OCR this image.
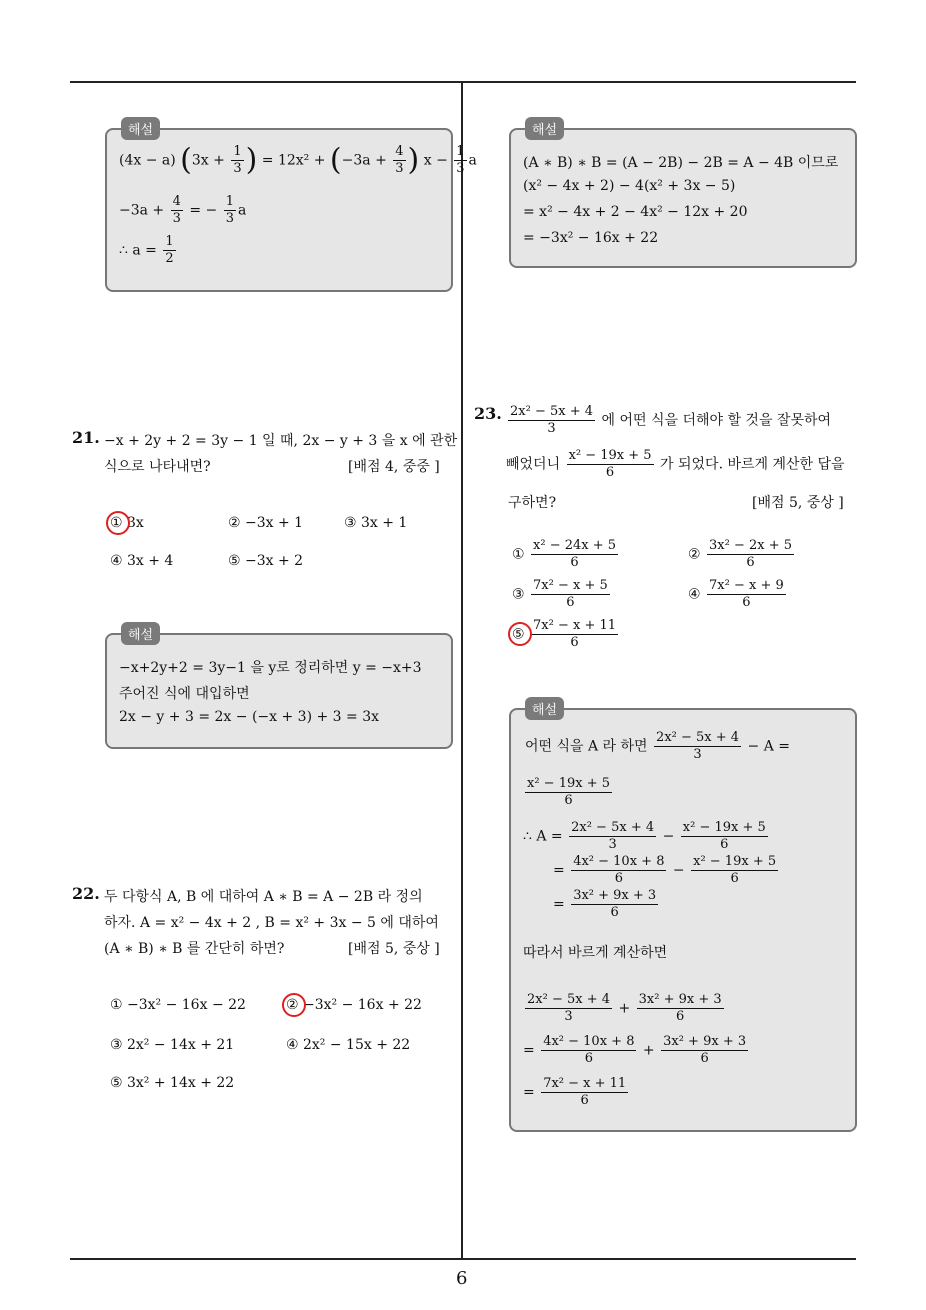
6
해설
(4x − a) ($3x + \frac{1}{3}$ ) = $12x^2 + (-3a + \frac{4}{3}$ ) $x - \frac{1}{3}$ a
$-3a + \frac{4}{3}$ = − $\frac{1}{3}$ a
∴ $a = \frac{1}{2}$
21. −x + 2y + 2 = 3y − 1 일 때, 2x − y + 3 을 x 에 관한
식으로 나타내면?	[배점 4, 중중 ]
① 3x	② −3x + 1	③ 3x + 1
④ 3x + 4	⑤ −3x + 2
해설
−x+2y+2 = 3y−1 을 y로 정리하면 y = −x+3
주어진 식에 대입하면
2x − y + 3 = 2x − (−x + 3) + 3 = 3x
22. 두 다항식 A, B 에 대하여 A ∗ B = A − 2B 라 정의
하자. A = x² − 4x + 2 , B = x² + 3x − 5 에 대하여
(A ∗ B) ∗ B 를 간단히 하면?	[배점 5, 중상 ]
① −3x² − 16x − 22	② −3x² − 16x + 22
③ 2x² − 14x + 21	④ 2x² − 15x + 22
⑤ 3x² + 14x + 22
해설
(A ∗ B) ∗ B = (A − 2B) − 2B = A − 4B 이므로
(x² − 4x + 2) − 4(x² + 3x − 5)
= x² − 4x + 2 − 4x² − 12x + 20
= −3x² − 16x + 22
23. $\frac{\text{2x² − 5x + 4}}{3}$ 에 어떤 식을 더해야 할 것을 잘못하여
빼었더니 $\frac{\text{x² − 19x + 5}}{6}$ 가 되었다. 바르게 계산한 답을
구하면?	[배점 5, 중상 ]
① $\frac{\text{x² − 24x + 5}}{6}$	② $\frac{\text{3x² − 2x + 5}}{6}$
③ $\frac{\text{7x² − x + 5}}{6}$	④ $\frac{\text{7x² − x + 9}}{6}$
⑤ $\frac{\text{7x² − x + 11}}{6}$
해설
어떤 식을 A 라 하면 $\frac{\text{2x² − 5x + 4}}{3} - A$ =
$\frac{\text{x² − 19x + 5}}{6}$
∴ $A = \frac{\text{2x² − 5x + 4}}{3} - \frac{\text{x² − 19x + 5}}{6}$
= $\frac{\text{4x² − 10x + 8}}{6} - \frac{\text{x² − 19x + 5}}{6}$
= $\frac{\text{3x² + 9x + 3}}{6}$
따라서 바르게 계산하면
$\frac{\text{2x² − 5x + 4}}{3} + \frac{\text{3x² + 9x + 3}}{6}$
= $\frac{\text{4x² − 10x + 8}}{6} + \frac{\text{3x² + 9x + 3}}{6}$
= $\frac{\text{7x² − x + 11}}{6}$
